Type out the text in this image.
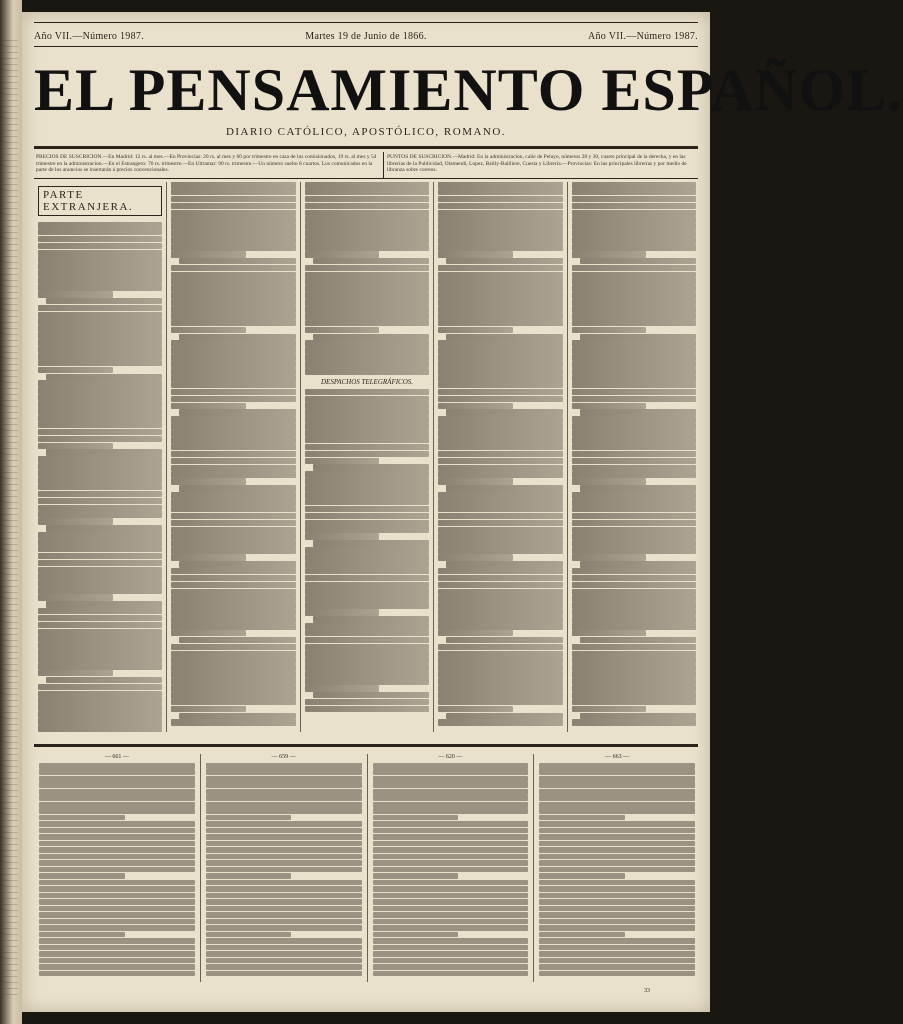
Año VII.—Número 1987.	Martes 19 de Junio de 1866.	Año VII.—Número 1987.
EL PENSAMIENTO ESPAÑOL.
DIARIO CATÓLICO, APOSTÓLICO, ROMANO.
PRECIOS DE SUSCRICION.—En Madrid: 12 rs. al mes.—En Provincias: 20 rs. al mes y 60 por trimestre en casa de los comisionados, 19 rs. al mes y 54 trimestre en la administracion.—En el Estrangero: 70 rs. trimestre.—En Ultramar: 90 rs. trimestre.—Un número suelto 8 cuartos. Los comunicados en la parte de los anuncios se insertarán á precios convencionales.
PUNTOS DE SUSCRICION.—Madrid: En la administracion, calle de Pelayo, números 28 y 30, cuarto principal de la derecha, y en las librerías de la Publicidad, Olamendi, Lopez, Bailly-Bailliere, Cuesta y Librería.—Provincias: En las principales librerías y por medio de libranza sobre correos.
PARTE EXTRANJERA.
DESPACHOS TELEGRÁFICOS.
— 661 —	— 659 —	— 620 —	— 663 —
33
